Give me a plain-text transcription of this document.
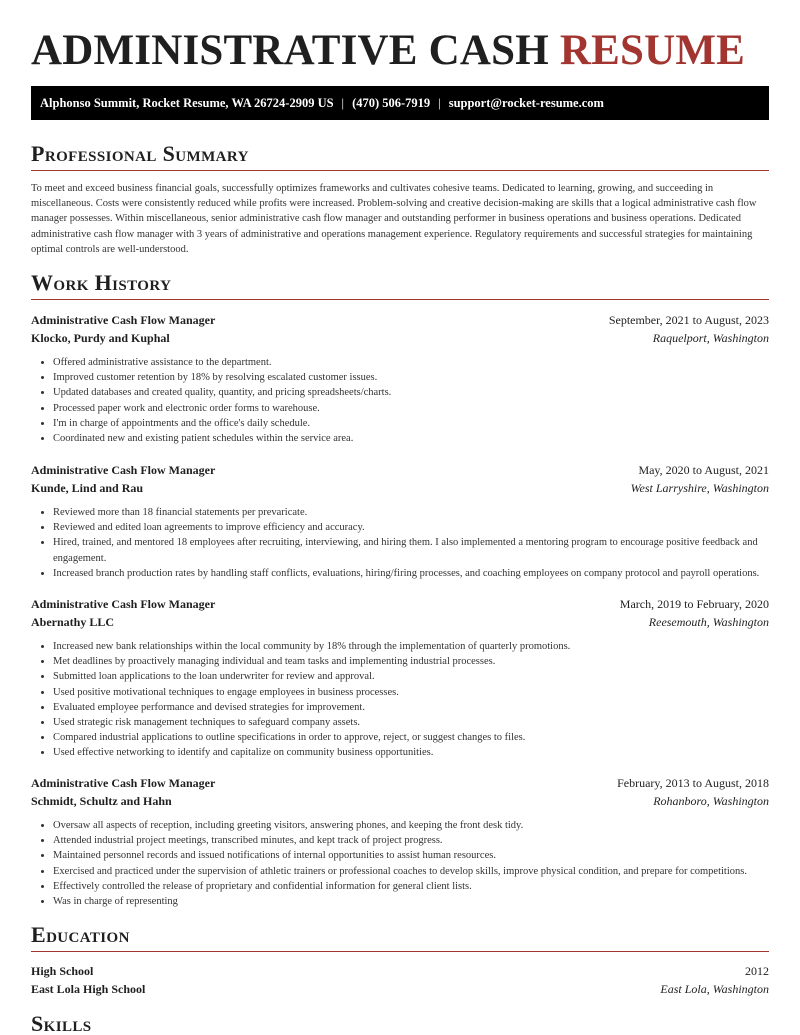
ADMINISTRATIVE CASH RESUME
Alphonso Summit, Rocket Resume, WA 26724-2909 US | (470) 506-7919 | support@rocket-resume.com
Professional Summary

To meet and exceed business financial goals, successfully optimizes frameworks and cultivates cohesive teams. Dedicated to learning, growing, and succeeding in miscellaneous. Costs were consistently reduced while profits were increased. Problem-solving and creative decision-making are skills that a logical administrative cash flow manager possesses. Within miscellaneous, senior administrative cash flow manager and outstanding performer in business operations and business operations. Dedicated administrative cash flow manager with 3 years of administrative and operations management experience. Regulatory requirements and successful strategies for maintaining optimal controls are well-understood.

Work History
Administrative Cash Flow Manager	September, 2021 to August, 2023
Klocko, Purdy and Kuphal	Raquelport, Washington
• Offered administrative assistance to the department.
• Improved customer retention by 18% by resolving escalated customer issues.
• Updated databases and created quality, quantity, and pricing spreadsheets/charts.
• Processed paper work and electronic order forms to warehouse.
• I'm in charge of appointments and the office's daily schedule.
• Coordinated new and existing patient schedules within the service area.
Administrative Cash Flow Manager	May, 2020 to August, 2021
Kunde, Lind and Rau	West Larryshire, Washington
• Reviewed more than 18 financial statements per prevaricate.
• Reviewed and edited loan agreements to improve efficiency and accuracy.
• Hired, trained, and mentored 18 employees after recruiting, interviewing, and hiring them. I also implemented a mentoring program to encourage positive feedback and engagement.
• Increased branch production rates by handling staff conflicts, evaluations, hiring/firing processes, and coaching employees on company protocol and payroll operations.
Administrative Cash Flow Manager	March, 2019 to February, 2020
Abernathy LLC	Reesemouth, Washington
• Increased new bank relationships within the local community by 18% through the implementation of quarterly promotions.
• Met deadlines by proactively managing individual and team tasks and implementing industrial processes.
• Submitted loan applications to the loan underwriter for review and approval.
• Used positive motivational techniques to engage employees in business processes.
• Evaluated employee performance and devised strategies for improvement.
• Used strategic risk management techniques to safeguard company assets.
• Compared industrial applications to outline specifications in order to approve, reject, or suggest changes to files.
• Used effective networking to identify and capitalize on community business opportunities.
Administrative Cash Flow Manager	February, 2013 to August, 2018
Schmidt, Schultz and Hahn	Rohanboro, Washington
• Oversaw all aspects of reception, including greeting visitors, answering phones, and keeping the front desk tidy.
• Attended industrial project meetings, transcribed minutes, and kept track of project progress.
• Maintained personnel records and issued notifications of internal opportunities to assist human resources.
• Exercised and practiced under the supervision of athletic trainers or professional coaches to develop skills, improve physical condition, and prepare for competitions.
• Effectively controlled the release of proprietary and confidential information for general client lists.
• Was in charge of representing
Education
High School	2012
East Lola High School	East Lola, Washington
Skills
